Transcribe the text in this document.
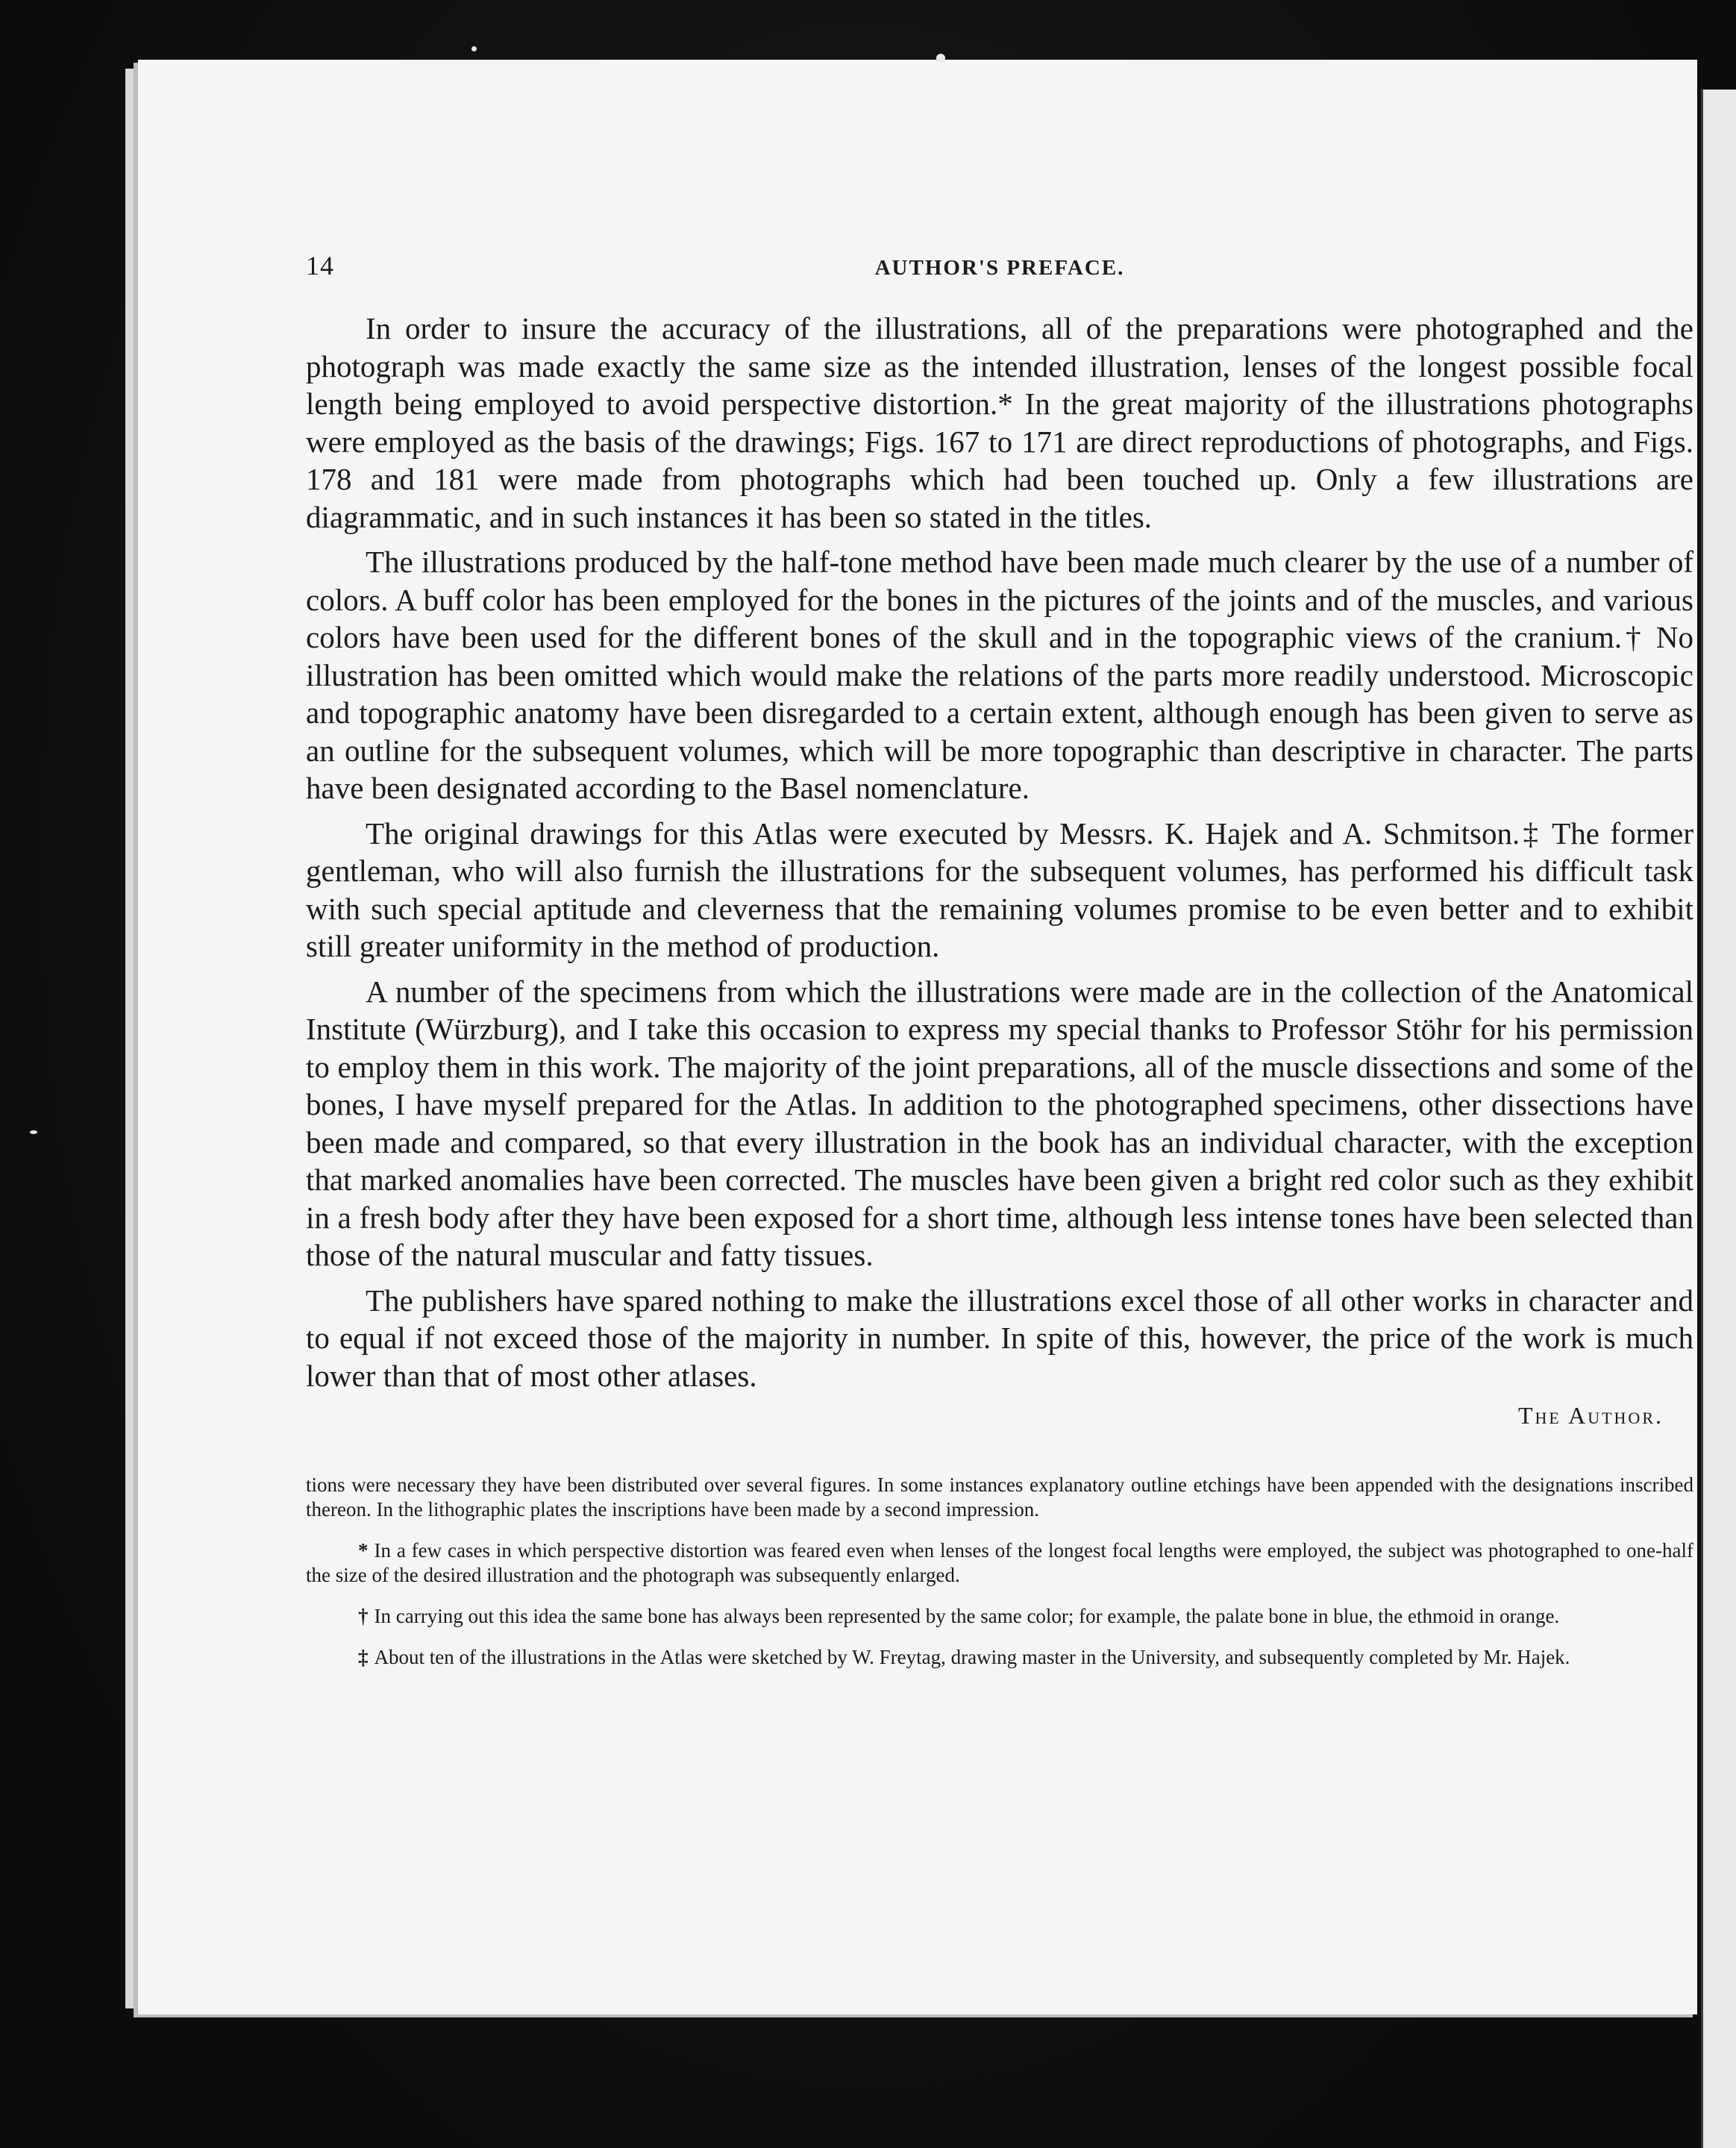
14	AUTHOR'S PREFACE.

In order to insure the accuracy of the illustrations, all of the preparations were photographed and the photograph was made exactly the same size as the intended illustration, lenses of the longest possible focal length being employed to avoid perspective distortion.* In the great majority of the illustrations photographs were employed as the basis of the drawings; Figs. 167 to 171 are direct reproductions of photographs, and Figs. 178 and 181 were made from photographs which had been touched up. Only a few illustrations are diagrammatic, and in such instances it has been so stated in the titles.

The illustrations produced by the half-tone method have been made much clearer by the use of a number of colors. A buff color has been employed for the bones in the pictures of the joints and of the muscles, and various colors have been used for the different bones of the skull and in the topographic views of the cranium.† No illustration has been omitted which would make the relations of the parts more readily understood. Microscopic and topographic anatomy have been disregarded to a certain extent, although enough has been given to serve as an outline for the subsequent volumes, which will be more topographic than descriptive in character. The parts have been designated according to the Basel nomenclature.

The original drawings for this Atlas were executed by Messrs. K. Hajek and A. Schmitson.‡ The former gentleman, who will also furnish the illustrations for the subsequent volumes, has performed his difficult task with such special aptitude and cleverness that the remaining volumes promise to be even better and to exhibit still greater uniformity in the method of production.

A number of the specimens from which the illustrations were made are in the collection of the Anatomical Institute (Würzburg), and I take this occasion to express my special thanks to Professor Stöhr for his permission to employ them in this work. The majority of the joint preparations, all of the muscle dissections and some of the bones, I have myself prepared for the Atlas. In addition to the photographed specimens, other dissections have been made and compared, so that every illustration in the book has an individual character, with the exception that marked anomalies have been corrected. The muscles have been given a bright red color such as they exhibit in a fresh body after they have been exposed for a short time, although less intense tones have been selected than those of the natural muscular and fatty tissues.

The publishers have spared nothing to make the illustrations excel those of all other works in character and to equal if not exceed those of the majority in number. In spite of this, however, the price of the work is much lower than that of most other atlases.

The Author.

tions were necessary they have been distributed over several figures. In some instances explanatory outline etchings have been appended with the designations inscribed thereon. In the lithographic plates the inscriptions have been made by a second impression.

* In a few cases in which perspective distortion was feared even when lenses of the longest focal lengths were employed, the subject was photographed to one-half the size of the desired illustration and the photograph was subsequently enlarged.

† In carrying out this idea the same bone has always been represented by the same color; for example, the palate bone in blue, the ethmoid in orange.

‡ About ten of the illustrations in the Atlas were sketched by W. Freytag, drawing master in the University, and subsequently completed by Mr. Hajek.
